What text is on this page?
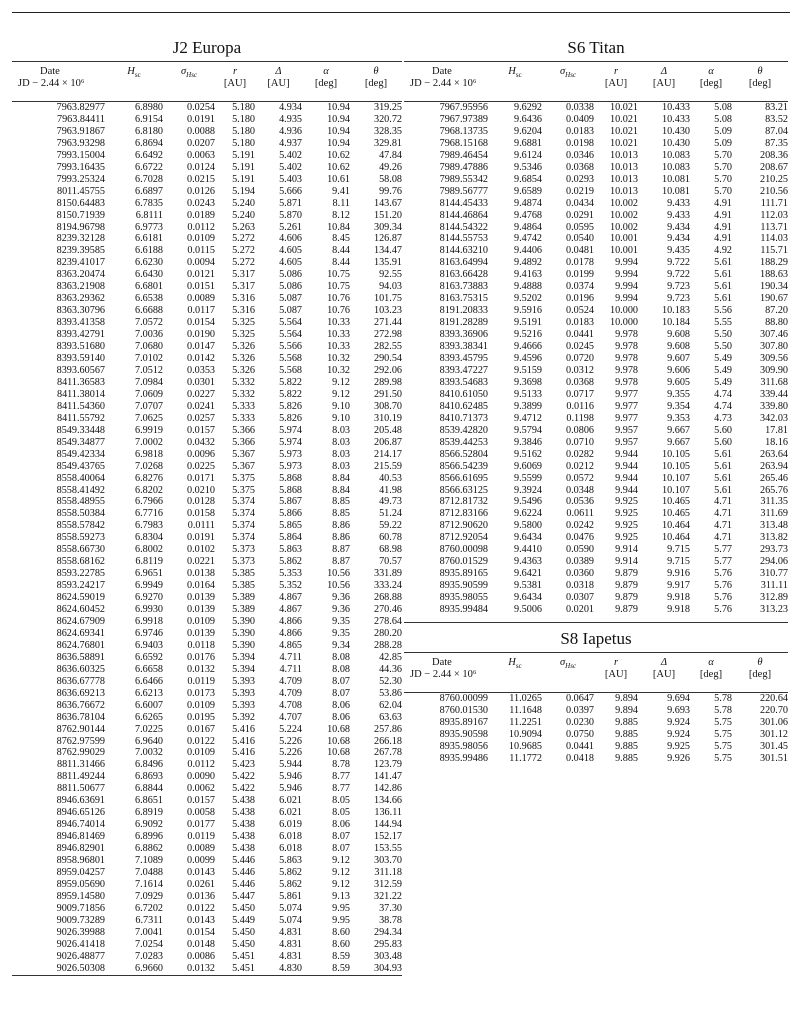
J2 Europa
Date
JD − 2.44 × 10⁶
	$H_{sc}$	$\sigma_{Hsc}$	r
[AU]

Δ
[AU]

α
[deg]

θ
[deg]
7963.82977	6.8980	0.0254	5.180	4.934	10.94	319.25
7963.84411	6.9154	0.0191	5.180	4.935	10.94	320.72
7963.91867	6.8180	0.0088	5.180	4.936	10.94	328.35
7963.93298	6.8694	0.0207	5.180	4.937	10.94	329.81
7993.15004	6.6492	0.0063	5.191	5.402	10.62	47.84
7993.16435	6.6722	0.0124	5.191	5.402	10.62	49.26
7993.25324	6.7028	0.0215	5.191	5.403	10.61	58.08
8011.45755	6.6897	0.0126	5.194	5.666	9.41	99.76
8150.64483	6.7835	0.0243	5.240	5.871	8.11	143.67
8150.71939	6.8111	0.0189	5.240	5.870	8.12	151.20
8194.96798	6.9773	0.0112	5.263	5.261	10.84	309.34
8239.32128	6.6181	0.0109	5.272	4.606	8.45	126.87
8239.39585	6.6188	0.0115	5.272	4.605	8.44	134.47
8239.41017	6.6230	0.0094	5.272	4.605	8.44	135.91
8363.20474	6.6430	0.0121	5.317	5.086	10.75	92.55
8363.21908	6.6801	0.0151	5.317	5.086	10.75	94.03
8363.29362	6.6538	0.0089	5.316	5.087	10.76	101.75
8363.30796	6.6688	0.0117	5.316	5.087	10.76	103.23
8393.41358	7.0572	0.0154	5.325	5.564	10.33	271.44
8393.42791	7.0036	0.0190	5.325	5.564	10.33	272.98
8393.51680	7.0680	0.0147	5.326	5.566	10.33	282.55
8393.59140	7.0102	0.0142	5.326	5.568	10.32	290.54
8393.60567	7.0512	0.0353	5.326	5.568	10.32	292.06
8411.36583	7.0984	0.0301	5.332	5.822	9.12	289.98
8411.38014	7.0609	0.0227	5.332	5.822	9.12	291.50
8411.54360	7.0707	0.0241	5.333	5.826	9.10	308.70
8411.55792	7.0625	0.0257	5.333	5.826	9.10	310.19
8549.33448	6.9919	0.0157	5.366	5.974	8.03	205.48
8549.34877	7.0002	0.0432	5.366	5.974	8.03	206.87
8549.42334	6.9818	0.0096	5.367	5.973	8.03	214.17
8549.43765	7.0268	0.0225	5.367	5.973	8.03	215.59
8558.40064	6.8276	0.0171	5.375	5.868	8.84	40.53
8558.41492	6.8202	0.0210	5.375	5.868	8.84	41.98
8558.48955	6.7966	0.0128	5.374	5.867	8.85	49.73
8558.50384	6.7716	0.0158	5.374	5.866	8.85	51.24
8558.57842	6.7983	0.0111	5.374	5.865	8.86	59.22
8558.59273	6.8304	0.0191	5.374	5.864	8.86	60.78
8558.66730	6.8002	0.0102	5.373	5.863	8.87	68.98
8558.68162	6.8119	0.0221	5.373	5.862	8.87	70.57
8593.22785	6.9651	0.0138	5.385	5.353	10.56	331.89
8593.24217	6.9949	0.0164	5.385	5.352	10.56	333.24
8624.59019	6.9270	0.0139	5.389	4.867	9.36	268.88
8624.60452	6.9930	0.0139	5.389	4.867	9.36	270.46
8624.67909	6.9918	0.0109	5.390	4.866	9.35	278.64
8624.69341	6.9746	0.0139	5.390	4.866	9.35	280.20
8624.76801	6.9403	0.0118	5.390	4.865	9.34	288.28
8636.58891	6.6592	0.0176	5.394	4.711	8.08	42.85
8636.60325	6.6658	0.0132	5.394	4.711	8.08	44.36
8636.67778	6.6466	0.0119	5.393	4.709	8.07	52.30
8636.69213	6.6213	0.0173	5.393	4.709	8.07	53.86
8636.76672	6.6007	0.0109	5.393	4.708	8.06	62.04
8636.78104	6.6265	0.0195	5.392	4.707	8.06	63.63
8762.90144	7.0225	0.0167	5.416	5.224	10.68	257.86
8762.97599	6.9640	0.0122	5.416	5.226	10.68	266.18
8762.99029	7.0032	0.0109	5.416	5.226	10.68	267.78
8811.31466	6.8496	0.0112	5.423	5.944	8.78	123.79
8811.49244	6.8693	0.0090	5.422	5.946	8.77	141.47
8811.50677	6.8844	0.0062	5.422	5.946	8.77	142.86
8946.63691	6.8651	0.0157	5.438	6.021	8.05	134.66
8946.65126	6.8919	0.0058	5.438	6.021	8.05	136.11
8946.74014	6.9092	0.0177	5.438	6.019	8.06	144.94
8946.81469	6.8996	0.0119	5.438	6.018	8.07	152.17
8946.82901	6.8862	0.0089	5.438	6.018	8.07	153.55
8958.96801	7.1089	0.0099	5.446	5.863	9.12	303.70
8959.04257	7.0488	0.0143	5.446	5.862	9.12	311.18
8959.05690	7.1614	0.0261	5.446	5.862	9.12	312.59
8959.14580	7.0929	0.0136	5.447	5.861	9.13	321.22
9009.71856	6.7202	0.0122	5.450	5.074	9.95	37.30
9009.73289	6.7311	0.0143	5.449	5.074	9.95	38.78
9026.39988	7.0041	0.0154	5.450	4.831	8.60	294.34
9026.41418	7.0254	0.0148	5.450	4.831	8.60	295.83
9026.48877	7.0283	0.0086	5.451	4.831	8.59	303.48
9026.50308	6.9660	0.0132	5.451	4.830	8.59	304.93
S6 Titan
Date
JD − 2.44 × 10⁶
	$H_{sc}$	$\sigma_{Hsc}$	r
[AU]

Δ
[AU]

α
[deg]

θ
[deg]
7967.95956	9.6292	0.0338	10.021	10.433	5.08	83.21
7967.97389	9.6436	0.0409	10.021	10.433	5.08	83.52
7968.13735	9.6204	0.0183	10.021	10.430	5.09	87.04
7968.15168	9.6881	0.0198	10.021	10.430	5.09	87.35
7989.46454	9.6124	0.0346	10.013	10.083	5.70	208.36
7989.47886	9.5346	0.0368	10.013	10.083	5.70	208.67
7989.55342	9.6854	0.0293	10.013	10.081	5.70	210.25
7989.56777	9.6589	0.0219	10.013	10.081	5.70	210.56
8144.45433	9.4874	0.0434	10.002	9.433	4.91	111.71
8144.46864	9.4768	0.0291	10.002	9.433	4.91	112.03
8144.54322	9.4864	0.0595	10.002	9.434	4.91	113.71
8144.55753	9.4742	0.0540	10.001	9.434	4.91	114.03
8144.63210	9.4406	0.0481	10.001	9.435	4.92	115.71
8163.64994	9.4892	0.0178	9.994	9.722	5.61	188.29
8163.66428	9.4163	0.0199	9.994	9.722	5.61	188.63
8163.73883	9.4888	0.0374	9.994	9.723	5.61	190.34
8163.75315	9.5202	0.0196	9.994	9.723	5.61	190.67
8191.20833	9.5916	0.0524	10.000	10.183	5.56	87.20
8191.28289	9.5191	0.0183	10.000	10.184	5.55	88.80
8393.36906	9.5216	0.0441	9.978	9.608	5.50	307.46
8393.38341	9.4666	0.0245	9.978	9.608	5.50	307.80
8393.45795	9.4596	0.0720	9.978	9.607	5.49	309.56
8393.47227	9.5159	0.0312	9.978	9.606	5.49	309.90
8393.54683	9.3698	0.0368	9.978	9.605	5.49	311.68
8410.61050	9.5133	0.0717	9.977	9.355	4.74	339.44
8410.62485	9.3899	0.0116	9.977	9.354	4.74	339.80
8410.71373	9.4712	0.1198	9.977	9.353	4.73	342.03
8539.42820	9.5794	0.0806	9.957	9.667	5.60	17.81
8539.44253	9.3846	0.0710	9.957	9.667	5.60	18.16
8566.52804	9.5162	0.0282	9.944	10.105	5.61	263.64
8566.54239	9.6069	0.0212	9.944	10.105	5.61	263.94
8566.61695	9.5599	0.0572	9.944	10.107	5.61	265.46
8566.63125	9.3924	0.0348	9.944	10.107	5.61	265.76
8712.81732	9.5496	0.0536	9.925	10.465	4.71	311.35
8712.83166	9.6224	0.0611	9.925	10.465	4.71	311.69
8712.90620	9.5800	0.0242	9.925	10.464	4.71	313.48
8712.92054	9.6434	0.0476	9.925	10.464	4.71	313.82
8760.00098	9.4410	0.0590	9.914	9.715	5.77	293.73
8760.01529	9.4363	0.0389	9.914	9.715	5.77	294.06
8935.89165	9.6421	0.0360	9.879	9.916	5.76	310.77
8935.90599	9.5381	0.0318	9.879	9.917	5.76	311.11
8935.98055	9.6434	0.0307	9.879	9.918	5.76	312.89
8935.99484	9.5006	0.0201	9.879	9.918	5.76	313.23
S8 Iapetus
Date
JD − 2.44 × 10⁶
	$H_{sc}$	$\sigma_{Hsc}$	r
[AU]

Δ
[AU]

α
[deg]

θ
[deg]
8760.00099	11.0265	0.0647	9.894	9.694	5.78	220.64
8760.01530	11.1648	0.0397	9.894	9.693	5.78	220.70
8935.89167	11.2251	0.0230	9.885	9.924	5.75	301.06
8935.90598	10.9094	0.0750	9.885	9.924	5.75	301.12
8935.98056	10.9685	0.0441	9.885	9.925	5.75	301.45
8935.99486	11.1772	0.0418	9.885	9.926	5.75	301.51
